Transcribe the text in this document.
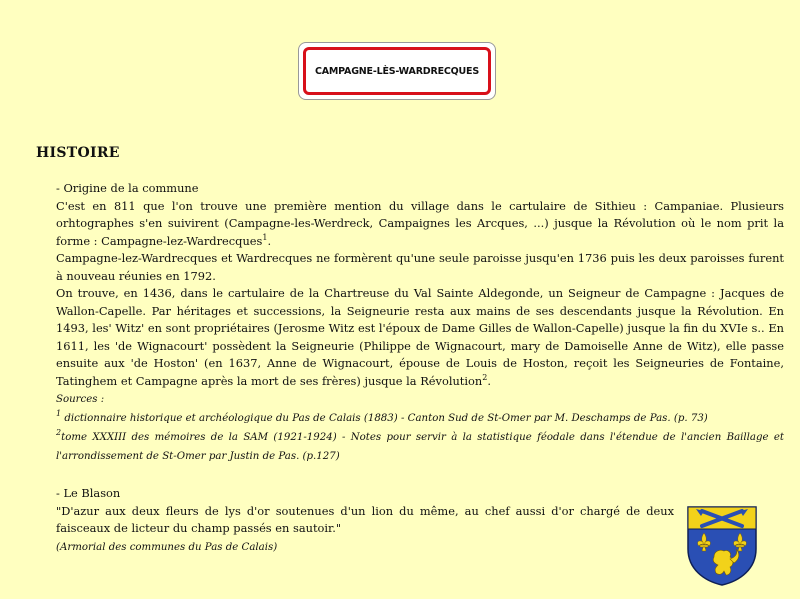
CAMPAGNE-LÈS-WARDRECQUES
HISTOIRE

- Origine de la commune

C'est en 811 que l'on trouve une première mention du village dans le cartulaire de Sithieu : Campaniae. Plusieurs orhtographes s'en suivirent (Campagne-les-Werdreck, Campaignes les Arcques, ...) jusque la Révolution où le nom prit la forme : Campagne-lez-Wardrecques$^1$.

Campagne-lez-Wardrecques et Wardrecques ne formèrent qu'une seule paroisse jusqu'en 1736 puis les deux paroisses furent à nouveau réunies en 1792.

On trouve, en 1436, dans le cartulaire de la Chartreuse du Val Sainte Aldegonde, un Seigneur de Campagne : Jacques de Wallon-Capelle. Par héritages et successions, la Seigneurie resta aux mains de ses descendants jusque la Révolution. En 1493, les' Witz' en sont propriétaires (Jerosme Witz est l'époux de Dame Gilles de Wallon-Capelle) jusque la fin du XVIe s.. En 1611, les 'de Wignacourt' possèdent la Seigneurie (Philippe de Wignacourt, mary de Damoiselle Anne de Witz), elle passe ensuite aux 'de Hoston' (en 1637, Anne de Wignacourt, épouse de Louis de Hoston, reçoit les Seigneuries de Fontaine, Tatinghem et Campagne après la mort de ses frères) jusque la Révolution$^2$.

Sources :

$^1$ dictionnaire historique et archéologique du Pas de Calais (1883) - Canton Sud de St-Omer par M. Deschamps de Pas. (p. 73)

$^2$tome XXXIII des mémoires de la SAM (1921-1924) - Notes pour servir à la statistique féodale dans l'étendue de l'ancien Baillage et l'arrondissement de St-Omer par Justin de Pas. (p.127)

- Le Blason

"D'azur aux deux fleurs de lys d'or soutenues d'un lion du même, au chef aussi d'or chargé de deux faisceaux de licteur du champ passés en sautoir."

(Armorial des communes du Pas de Calais)
